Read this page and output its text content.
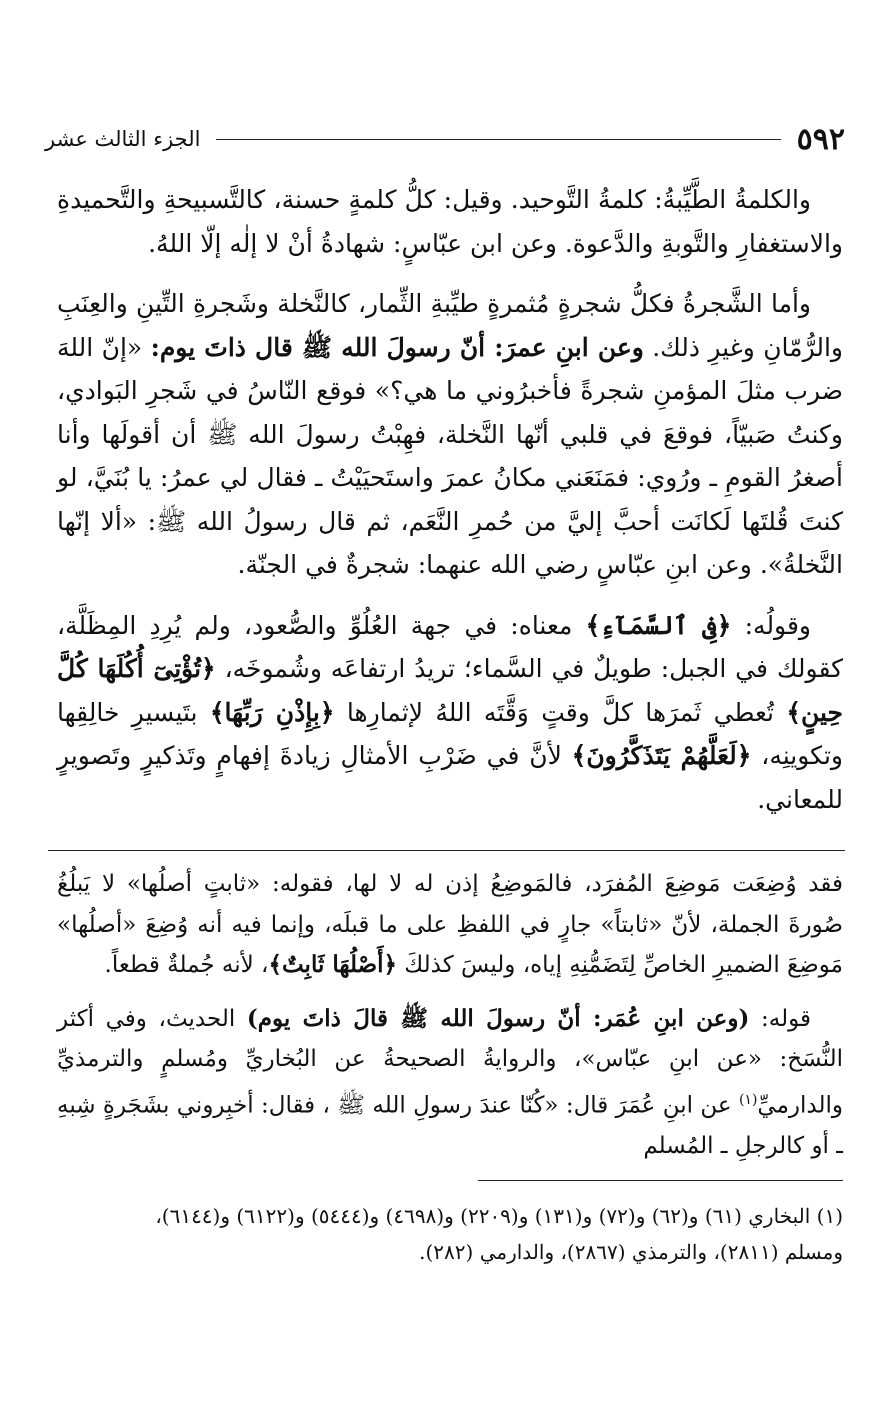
٥٩٢
الجزء الثالث عشر

والكلمةُ الطَّيِّبةُ: كلمةُ التَّوحيد. وقيل: كلُّ كلمةٍ حسنة، كالتَّسبيحةِ والتَّحميدةِ والاستغفارِ والتَّوبةِ والدَّعوة. وعن ابن عبّاسٍ: شهادةُ أنْ لا إلٰه إلّا اللهُ.

وأما الشَّجرةُ فكلُّ شجرةٍ مُثمرةٍ طيِّبةِ الثِّمار، كالنَّخلة وشَجرةِ التِّينِ والعِنَبِ والرُّمّانِ وغيرِ ذلك. وعن ابنِ عمرَ: أنّ رسولَ الله ﷺ قال ذاتَ يوم: «إنّ اللهَ ضرب مثلَ المؤمنِ شجرةً فأخبرُوني ما هي؟» فوقع النّاسُ في شَجرِ البَوادي، وكنتُ صَبيّاً، فوقعَ في قلبي أنّها النَّخلة، فهِبْتُ رسولَ الله ﷺ أن أقولَها وأنا أصغرُ القومِ ـ ورُوي: فمَنَعَني مكانُ عمرَ واستَحيَيْتُ ـ فقال لي عمرُ: يا بُنَيَّ، لو كنتَ قُلتَها لَكانَت أحبَّ إليَّ من حُمرِ النَّعَم، ثم قال رسولُ الله ﷺ: «ألا إنّها النَّخلةُ». وعن ابنِ عبّاسٍ رضي الله عنهما: شجرةٌ في الجنّة.

وقولُه: ﴿فِى ٱلسَّمَآءِ﴾ معناه: في جهة العُلُوِّ والصُّعود، ولم يُرِدِ المِظَلَّة، كقولك في الجبل: طويلٌ في السَّماء؛ تريدُ ارتفاعَه وشُموخَه، ﴿تُؤْتِىٓ أُكُلَهَا كُلَّ حِينٍ﴾ تُعطي ثَمرَها كلَّ وقتٍ وَقَّتَه اللهُ لإثمارِها ﴿بِإِذْنِ رَبِّهَا﴾ بتَيسيرِ خالِقِها وتكوينِه، ﴿لَعَلَّهُمْ يَتَذَكَّرُونَ﴾ لأنَّ في ضَرْبِ الأمثالِ زيادةَ إفهامٍ وتَذكيرٍ وتَصويرٍ للمعاني.

فقد وُضِعَت مَوضِعَ المُفرَد، فالمَوضِعُ إذن له لا لها، فقوله: «ثابتٍ أصلُها» لا يَبلُغُ صُورةَ الجملة، لأنّ «ثابتاً» جارٍ في اللفظِ على ما قبلَه، وإنما فيه أنه وُضِعَ «أصلُها» مَوضِعَ الضميرِ الخاصِّ لِتَضَمُّنِهِ إياه، وليسَ كذلكَ ﴿أَصْلُهَا ثَابِتٌ﴾، لأنه جُملةٌ قطعاً.

قوله: (وعن ابنِ عُمَر: أنّ رسولَ الله ﷺ قالَ ذاتَ يوم) الحديث، وفي أكثر النُّسَخ: «عن ابنِ عبّاس»، والروايةُ الصحيحةُ عن البُخاريِّ ومُسلمٍ والترمذيِّ والدارميِّ$^{(١)}$ عن ابنِ عُمَرَ قال: «كُنّا عندَ رسولِ الله ﷺ ، فقال: أخبِروني بشَجَرةٍ شِبهِ ـ أو كالرجلِ ـ المُسلم

(١) البخاري (٦١) و(٦٢) و(٧٢) و(١٣١) و(٢٢٠٩) و(٤٦٩٨) و(٥٤٤٤) و(٦١٢٢) و(٦١٤٤)،

ومسلم (٢٨١١)، والترمذي (٢٨٦٧)، والدارمي (٢٨٢).
